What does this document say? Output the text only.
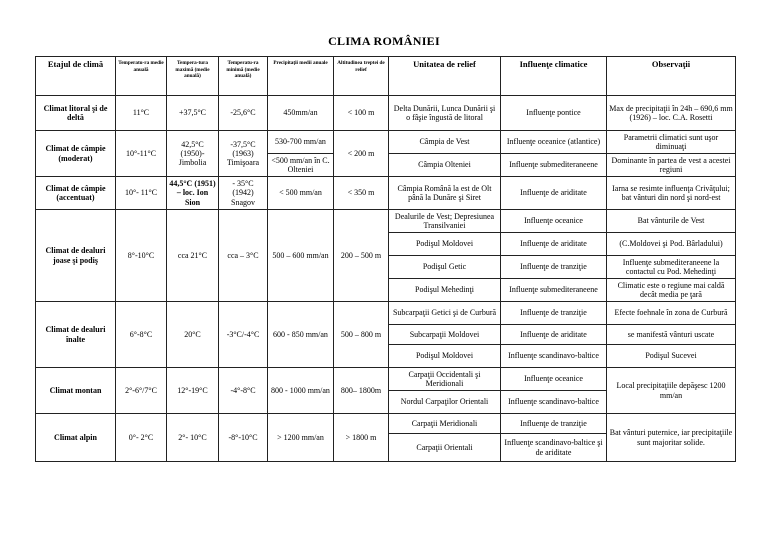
CLIMA ROMÂNIEI
Etajul de climă	Temperatu-ra medie anuală	Tempera-tura maximă (medie anuală)	Temperatu-ra minimă (medie anuală)	Precipitaţii medii anuale	Altitudinea treptei de relief	Unitatea de relief	Influenţe climatice	Observaţii
Climat litoral şi de deltă	11°C	+37,5°C	-25,6°C	450mm/an	< 100 m	Delta Dunării, Lunca Dunării şi o fâşie îngustă de litoral	Influenţe pontice	Max de precipitaţii în 24h – 690,6 mm (1926) – loc. C.A. Rosetti
Climat de câmpie (moderat)	10°-11°C	42,5°C (1950)- Jimbolia	-37,5°C (1963) Timişoara	530-700 mm/an	< 200 m	Câmpia de Vest	Influenţe oceanice (atlantice)	Parametrii climatici sunt uşor diminuaţi
				<500 mm/an în C. Olteniei		Câmpia Olteniei	Influenţe submediteraneene	Dominante în partea de vest a acestei regiuni
Climat de câmpie (accentuat)	10°- 11°C	44,5°C (1951) – loc. Ion Sion	- 35°C (1942) Snagov	< 500 mm/an	< 350 m	Câmpia Română la est de Olt până la Dunăre şi Siret	Influenţe de ariditate	Iarna se resimte influenţa Crivăţului; bat vânturi din nord şi nord-est
Climat de dealuri joase şi podiş	8°-10°C	cca 21°C	cca – 3°C	500 – 600 mm/an	200 – 500 m	Dealurile de Vest; Depresiunea Transilvaniei	Influenţe oceanice	Bat vânturile de Vest
						Podişul Moldovei	Influenţe de ariditate	(C.Moldovei şi Pod. Bârladului)
						Podişul Getic	Influenţe de tranziţie	Influenţe submediteraneene la contactul cu Pod. Mehedinţi
						Podişul Mehedinţi	Influenţe submediteraneene	Climatic este o regiune mai caldă decât media pe ţară
Climat de dealuri înalte	6°-8°C	20°C	-3°C/-4°C	600 - 850 mm/an	500 – 800 m	Subcarpaţii Getici şi de Curbură	Influenţe de tranziţie	Efecte foehnale în zona de Curbură
						Subcarpaţii Moldovei	Influenţe de ariditate	se manifestă vânturi uscate
						Podişul Moldovei	Influenţe scandinavo-baltice	Podişul Sucevei
Climat montan	2°-6°/7°C	12°-19°C	-4°-8°C	800 - 1000 mm/an	800– 1800m	Carpaţii Occidentali şi Meridionali	Influenţe oceanice	Local precipitaţiile depăşesc 1200 mm/an
						Nordul Carpaţilor Orientali	Influenţe scandinavo-baltice	
Climat alpin	0°- 2°C	2°- 10°C	-8°-10°C	> 1200 mm/an	> 1800 m	Carpaţii Meridionali	Influenţe de tranziţie	Bat vânturi puternice, iar precipitaţiile sunt majoritar solide.
						Carpaţii Orientali	Influenţe scandinavo-baltice şi de ariditate	
